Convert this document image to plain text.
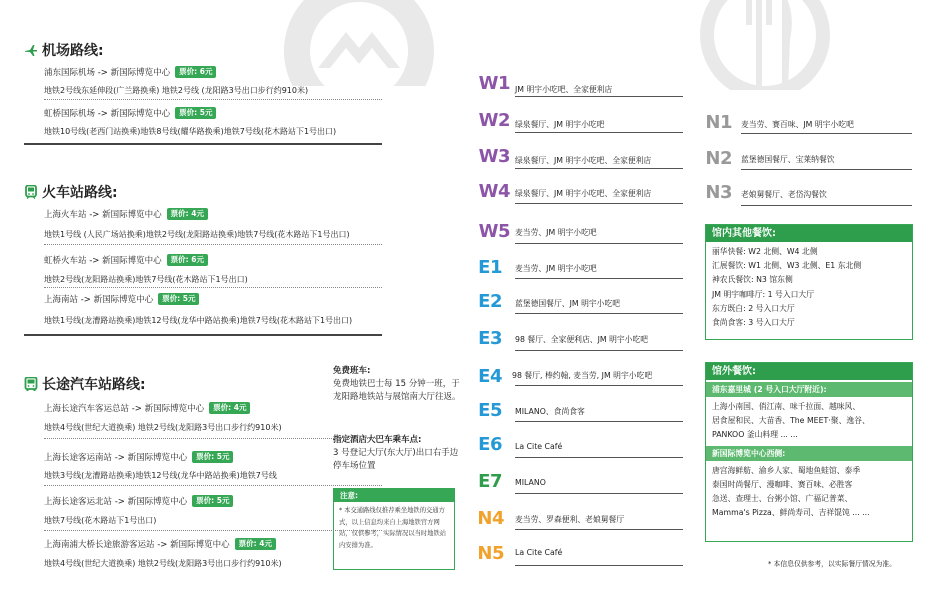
机场路线:
浦东国际机场 -> 新国际博览中心	票价: 6元
地铁2号线东延伸段(广兰路换乘) 地铁2号线 (龙阳路3号出口步行约910米)
虹桥国际机场 -> 新国际博览中心	票价: 5元
地铁10号线(老西门站换乘)地铁8号线(耀华路换乘)地铁7号线(花木路站下1号出口)
火车站路线:
上海火车站 -> 新国际博览中心	票价: 4元
地铁1号线 (人民广场站换乘)地铁2号线(龙阳路站换乘)地铁7号线(花木路站下1号出口)
虹桥火车站 -> 新国际博览中心	票价: 6元
地铁2号线(龙阳路站换乘)地铁7号线(花木路站下1号出口)
上海南站 -> 新国际博览中心	票价: 5元
地铁1号线(龙漕路站换乘)地铁12号线(龙华中路站换乘)地铁7号线(花木路站下1号出口)
长途汽车站路线:
上海长途汽车客运总站 -> 新国际博览中心	票价: 4元
地铁4号线(世纪大道换乘) 地铁2号线(龙阳路3号出口步行约910米)
上海长途客运南站 -> 新国际博览中心	票价: 5元
地铁3号线(龙漕路站换乘)地铁12号线(龙华中路站换乘)地铁7号线
上海长途客运北站 -> 新国际博览中心	票价: 5元
地铁7号线(花木路站下1号出口)
上海南浦大桥长途旅游客运站 -> 新国际博览中心	票价: 4元
地铁4号线(世纪大道换乘) 地铁2号线(龙阳路3号出口步行约910米)
免费班车:
免费地铁巴士每 15 分钟一班，于龙阳路地铁站与展馆南大厅往返。
指定酒店大巴车乘车点:
3 号登记大厅(东大厅)出口右手边停车场位置
注意:
* 本交通路线仅推荐乘坐地铁的交通方式，以上信息均来自上海地铁官方网站，仅供参考，实际情况以当时地铁站内安排为准。
W1 JM 明宇小吃吧、全家便利店
W2 绿泉餐厅、JM 明宇小吃吧
W3 绿泉餐厅、JM 明宇小吃吧、全家便利店
W4 绿泉餐厅、JM 明宇小吃吧、全家便利店
W5 麦当劳、JM 明宇小吃吧
E1 麦当劳、JM 明宇小吃吧
E2 蓝堡德国餐厅、JM 明宇小吃吧
E3 98 餐厅、全家便利店、JM 明宇小吃吧
E4 98 餐厅, 棒约翰, 麦当劳, JM 明宇小吃吧
E5 MILANO、食尚食客
E6 La Cite Café
E7 MILANO
N4 麦当劳、罗森便利、老娘舅餐厅
N5 La Cite Café
N1 麦当劳、赛百味、JM 明宇小吃吧
N2 蓝堡德国餐厅、宝莱纳餐饮
N3 老娘舅餐厅、老岱沟餐饮
馆内其他餐饮:
丽华快餐: W2 北侧、W4 北侧
汇展餐饮: W1 北侧、W3 北侧、E1 东北侧
神农氏餐饮: N3 馆东侧
JM 明宇咖啡厅: 1 号入口大厅
东方既白: 2 号入口大厅
食尚食客: 3 号入口大厅
馆外餐饮:
浦东嘉里城 (2 号入口大厅附近):
上海小南国、俏江南、味千拉面、越味风、
居食屋和民、大苗香、The MEET·聚、逸谷、
PANKOO 釜山料理 ... ...
新国际博览中心西侧:
唐宫海鲜舫、渝乡人家、蜀地鱼蛙馆、泰季
泰国时尚餐厅、漫咖啡、赛百味、必胜客
急送、查理士、台粥小馆、广福记普菜、
Mamma's Pizza、鲜尚寿司、吉祥馄饨 ... ...
* 本信息仅供参考，以实际餐厅情况为准。
